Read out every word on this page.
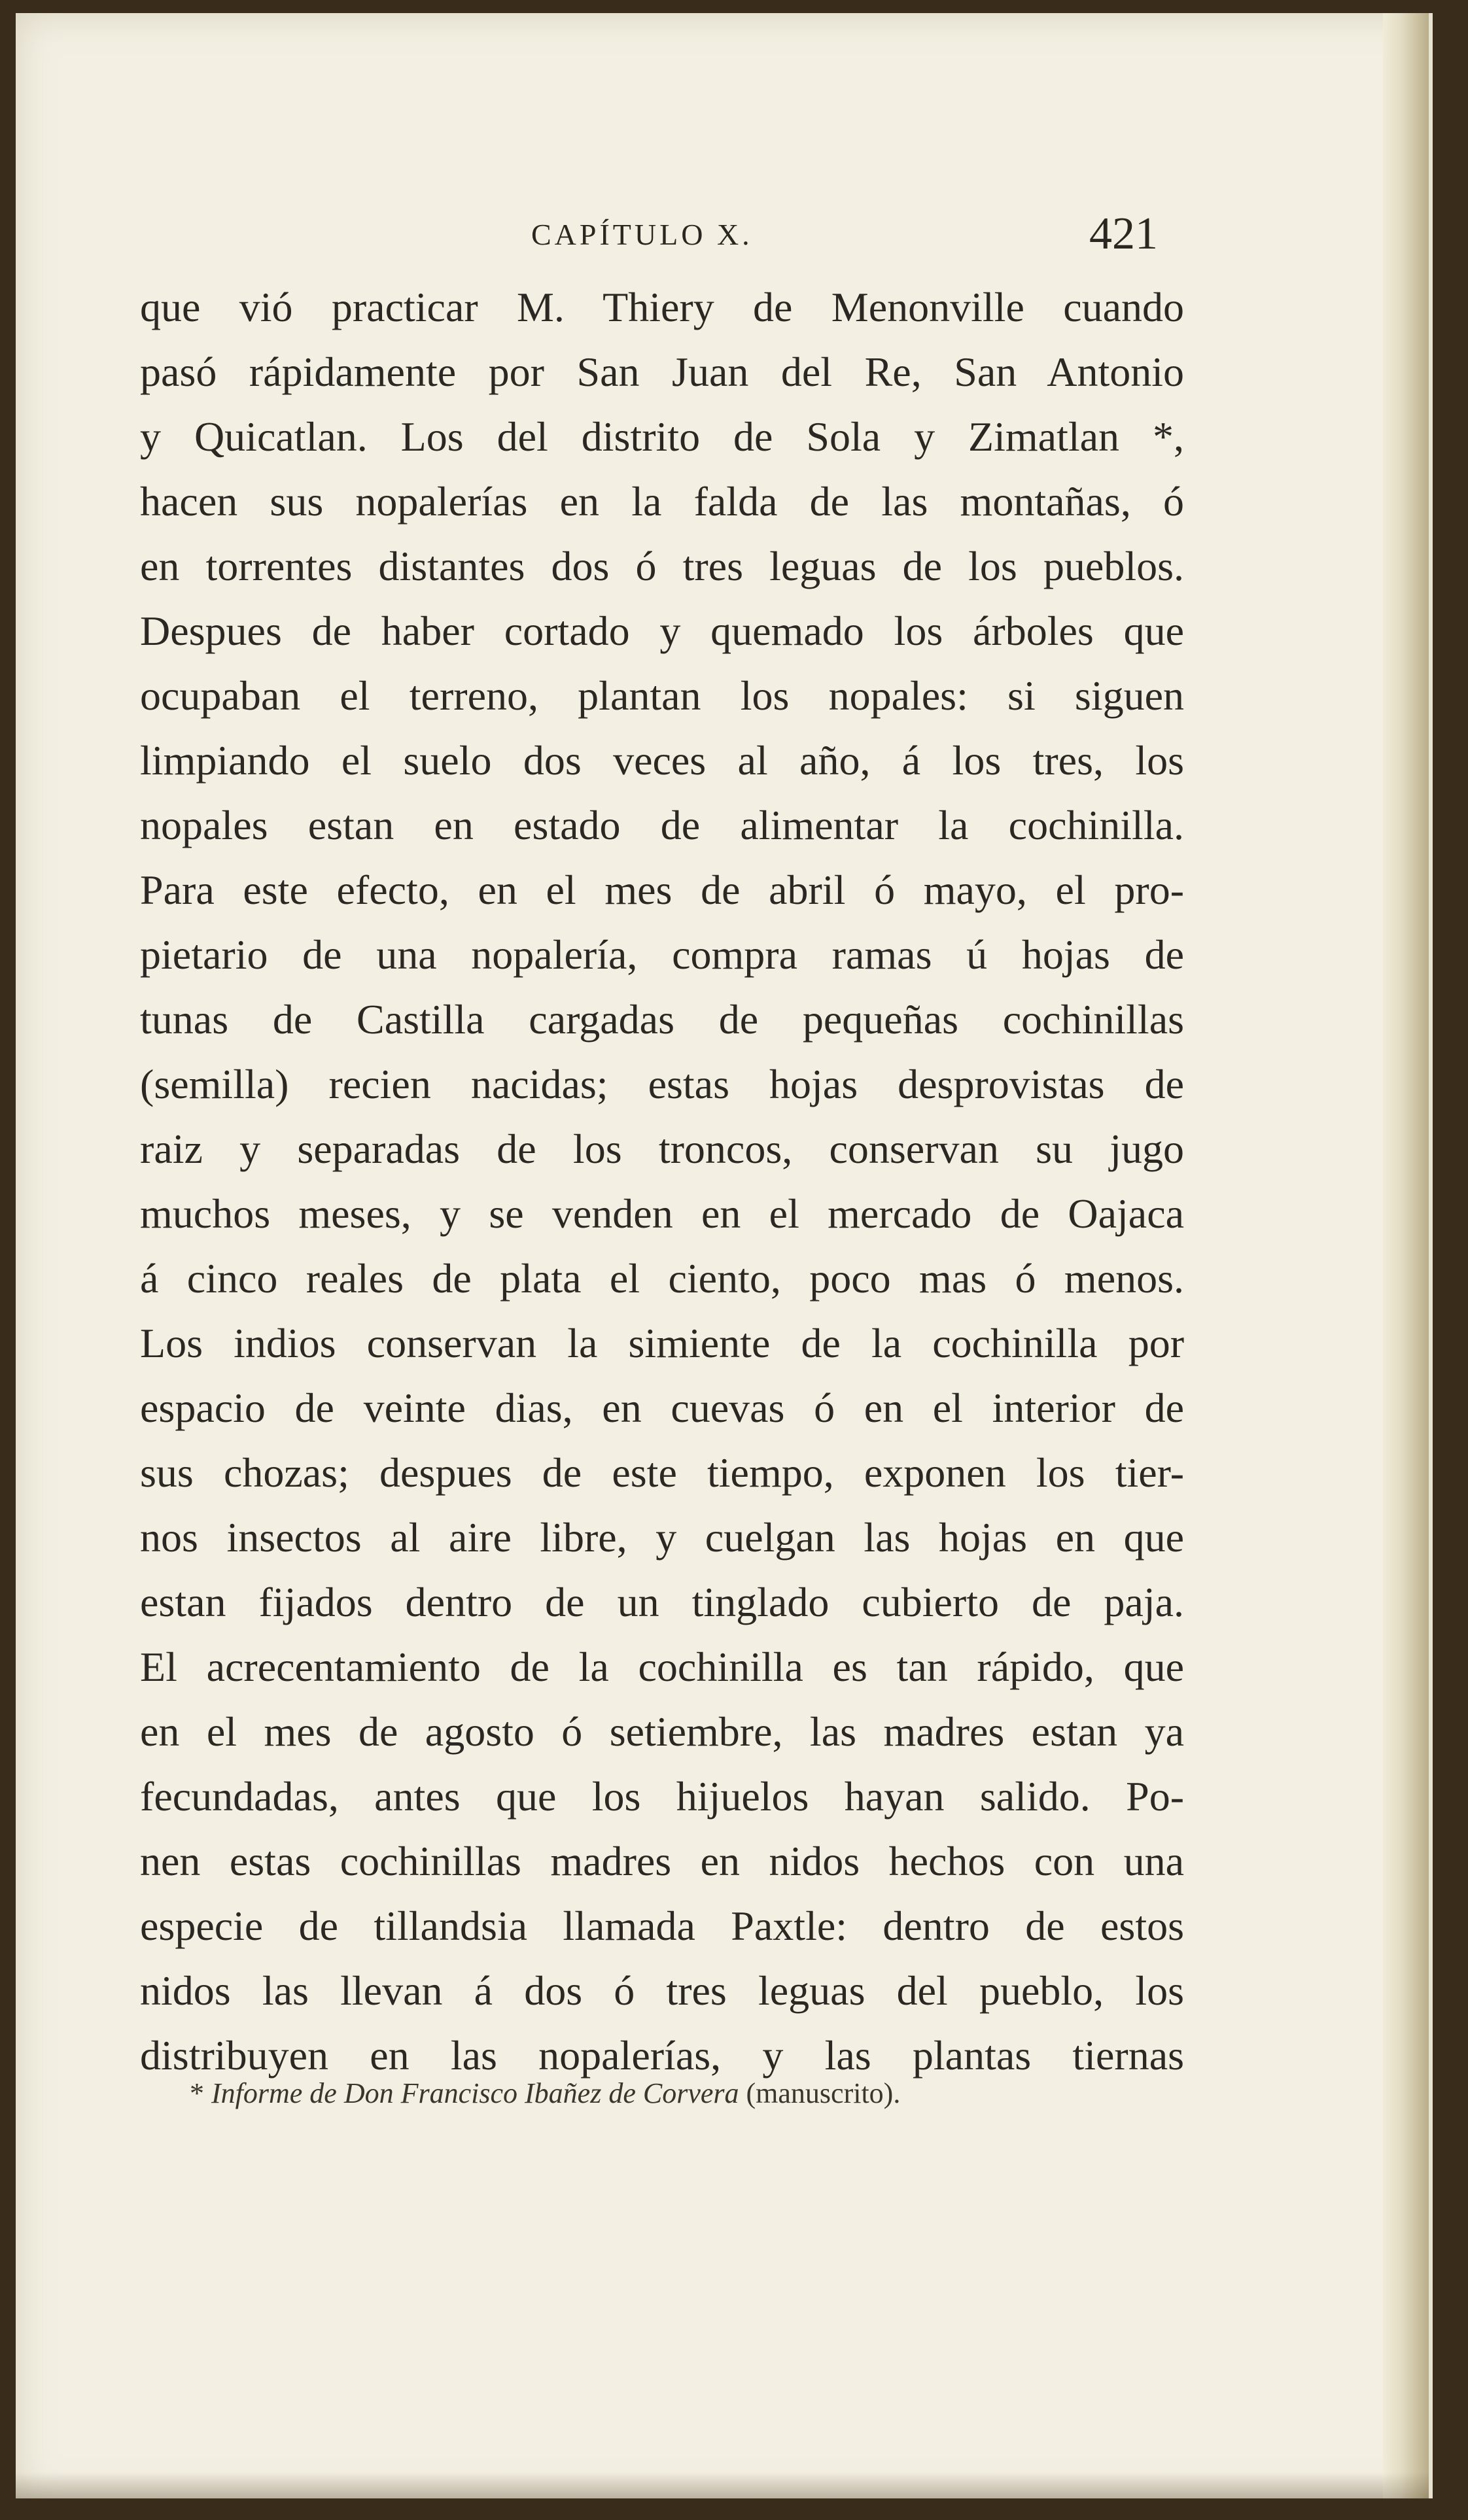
CAPÍTULO X.	421
que vió practicar M. Thiery de Menonville cuando
pasó rápidamente por San Juan del Re, San Antonio
y Quicatlan. Los del distrito de Sola y Zimatlan *,
hacen sus nopalerías en la falda de las montañas, ó
en torrentes distantes dos ó tres leguas de los pueblos.
Despues de haber cortado y quemado los árboles que
ocupaban el terreno, plantan los nopales: si siguen
limpiando el suelo dos veces al año, á los tres, los
nopales estan en estado de alimentar la cochinilla.
Para este efecto, en el mes de abril ó mayo, el pro-
pietario de una nopalería, compra ramas ú hojas de
tunas de Castilla cargadas de pequeñas cochinillas
(semilla) recien nacidas; estas hojas desprovistas de
raiz y separadas de los troncos, conservan su jugo
muchos meses, y se venden en el mercado de Oajaca
á cinco reales de plata el ciento, poco mas ó menos.
Los indios conservan la simiente de la cochinilla por
espacio de veinte dias, en cuevas ó en el interior de
sus chozas; despues de este tiempo, exponen los tier-
nos insectos al aire libre, y cuelgan las hojas en que
estan fijados dentro de un tinglado cubierto de paja.
El acrecentamiento de la cochinilla es tan rápido, que
en el mes de agosto ó setiembre, las madres estan ya
fecundadas, antes que los hijuelos hayan salido. Po-
nen estas cochinillas madres en nidos hechos con una
especie de tillandsia llamada Paxtle: dentro de estos
nidos las llevan á dos ó tres leguas del pueblo, los
distribuyen en las nopalerías, y las plantas tiernas
* Informe de Don Francisco Ibañez de Corvera (manuscrito).
